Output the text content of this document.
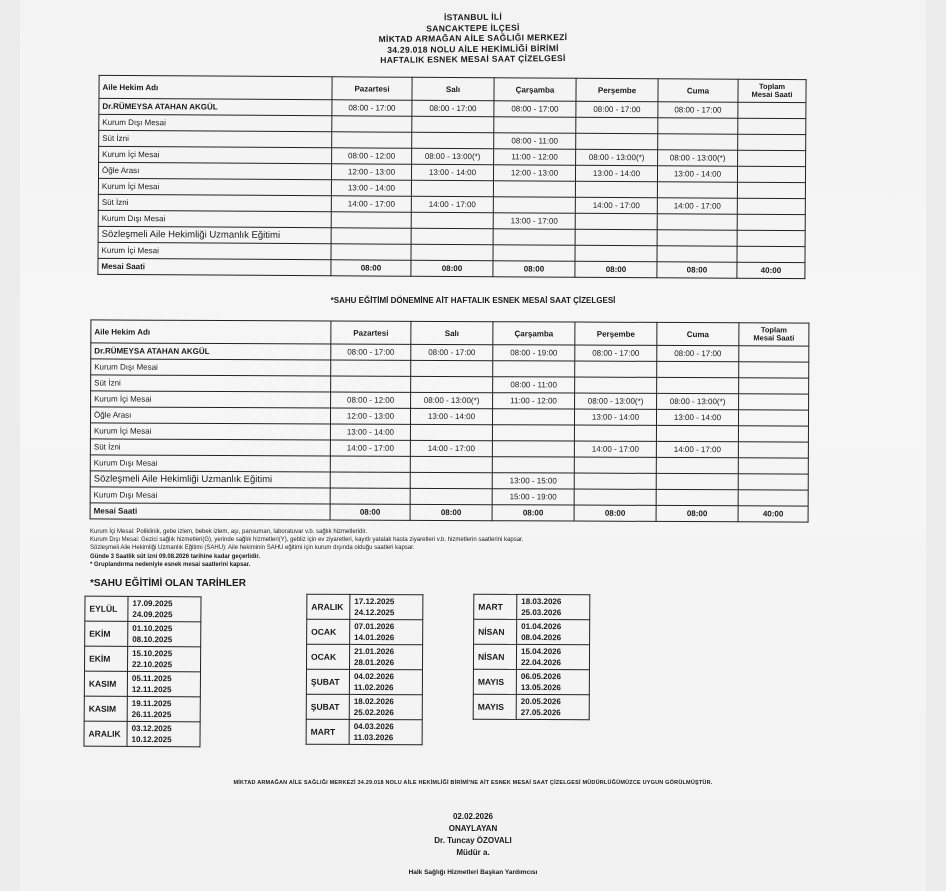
İSTANBUL İLİ
SANCAKTEPE İLÇESİ
MİKTAD ARMAĞAN AİLE SAĞLIĞI MERKEZİ
34.29.018 NOLU AİLE HEKİMLİĞİ BİRİMİ
HAFTALIK ESNEK MESAİ SAAT ÇİZELGESİ
Aile Hekim Adı	Pazartesi	Salı	Çarşamba	Perşembe	Cuma	Toplam
Mesai Saati

Dr.RÜMEYSA ATAHAN AKGÜL	08:00 - 17:00	08:00 - 17:00	08:00 - 17:00	08:00 - 17:00	08:00 - 17:00	
Kurum Dışı Mesai						
Süt İzni			08:00 - 11:00			
Kurum İçi Mesai	08:00 - 12:00	08:00 - 13:00(*)	11:00 - 12:00	08:00 - 13:00(*)	08:00 - 13:00(*)	
Öğle Arası	12:00 - 13:00	13:00 - 14:00	12:00 - 13:00	13:00 - 14:00	13:00 - 14:00	
Kurum İçi Mesai	13:00 - 14:00					
Süt İzni	14:00 - 17:00	14:00 - 17:00		14:00 - 17:00	14:00 - 17:00	
Kurum Dışı Mesai			13:00 - 17:00			
Sözleşmeli Aile Hekimliği Uzmanlık Eğitimi						
Kurum İçi Mesai						
Mesai Saati	08:00	08:00	08:00	08:00	08:00	40:00
*SAHU EĞİTİMİ DÖNEMİNE AİT HAFTALIK ESNEK MESAİ SAAT ÇİZELGESİ
Aile Hekim Adı	Pazartesi	Salı	Çarşamba	Perşembe	Cuma	Toplam
Mesai Saati

Dr.RÜMEYSA ATAHAN AKGÜL	08:00 - 17:00	08:00 - 17:00	08:00 - 19:00	08:00 - 17:00	08:00 - 17:00	
Kurum Dışı Mesai						
Süt İzni			08:00 - 11:00			
Kurum İçi Mesai	08:00 - 12:00	08:00 - 13:00(*)	11:00 - 12:00	08:00 - 13:00(*)	08:00 - 13:00(*)	
Öğle Arası	12:00 - 13:00	13:00 - 14:00		13:00 - 14:00	13:00 - 14:00	
Kurum İçi Mesai	13:00 - 14:00					
Süt İzni	14:00 - 17:00	14:00 - 17:00		14:00 - 17:00	14:00 - 17:00	
Kurum Dışı Mesai						
Sözleşmeli Aile Hekimliği Uzmanlık Eğitimi			13:00 - 15:00			
Kurum Dışı Mesai			15:00 - 19:00			
Mesai Saati	08:00	08:00	08:00	08:00	08:00	40:00
Kurum İçi Mesai: Poliklinik, gebe izlem, bebek izlem, aşı, pansuman, laboratuvar v.b. sağlık hizmetleridir.
Kurum Dışı Mesai: Gezici sağlık hizmetleri(G), yerinde sağlık hizmetleri(Y), gebliz için ev ziyaretleri, kayıtlı yatalak hasta ziyaretleri v.b. hizmetlerin saatlerini kapsar.
Sözleşmeli Aile Hekimliği Uzmanlık Eğitimi (SAHU): Aile hekiminin SAHU eğitimi için kurum dışında olduğu saatleri kapsar.
Günde 3 Saatlik süt izni 09.08.2026 tarihine kadar geçerlidir.
* Gruplandırma nedeniyle esnek mesai saatlerini kapsar.
*SAHU EĞİTİMİ OLAN TARİHLER
EYLÜL	17.09.2025
24.09.2025

EKİM	01.10.2025
08.10.2025

EKİM	15.10.2025
22.10.2025

KASIM	05.11.2025
12.11.2025

KASIM	19.11.2025
26.11.2025

ARALIK	03.12.2025
10.12.2025
ARALIK	17.12.2025
24.12.2025

OCAK	07.01.2026
14.01.2026

OCAK	21.01.2026
28.01.2026

ŞUBAT	04.02.2026
11.02.2026

ŞUBAT	18.02.2026
25.02.2026

MART	04.03.2026
11.03.2026
MART	18.03.2026
25.03.2026

NİSAN	01.04.2026
08.04.2026

NİSAN	15.04.2026
22.04.2026

MAYIS	06.05.2026
13.05.2026

MAYIS	20.05.2026
27.05.2026
MİKTAD ARMAĞAN AİLE SAĞLIĞI MERKEZİ 34.29.018 NOLU AİLE HEKİMLİĞİ BİRİMİ'NE AİT ESNEK MESAİ SAAT ÇİZELGESİ MÜDÜRLÜĞÜMÜZCE UYGUN GÖRÜLMÜŞTÜR.
02.02.2026
ONAYLAYAN
Dr. Tuncay ÖZOVALI
Müdür a.
Halk Sağlığı Hizmetleri Başkan Yardımcısı
